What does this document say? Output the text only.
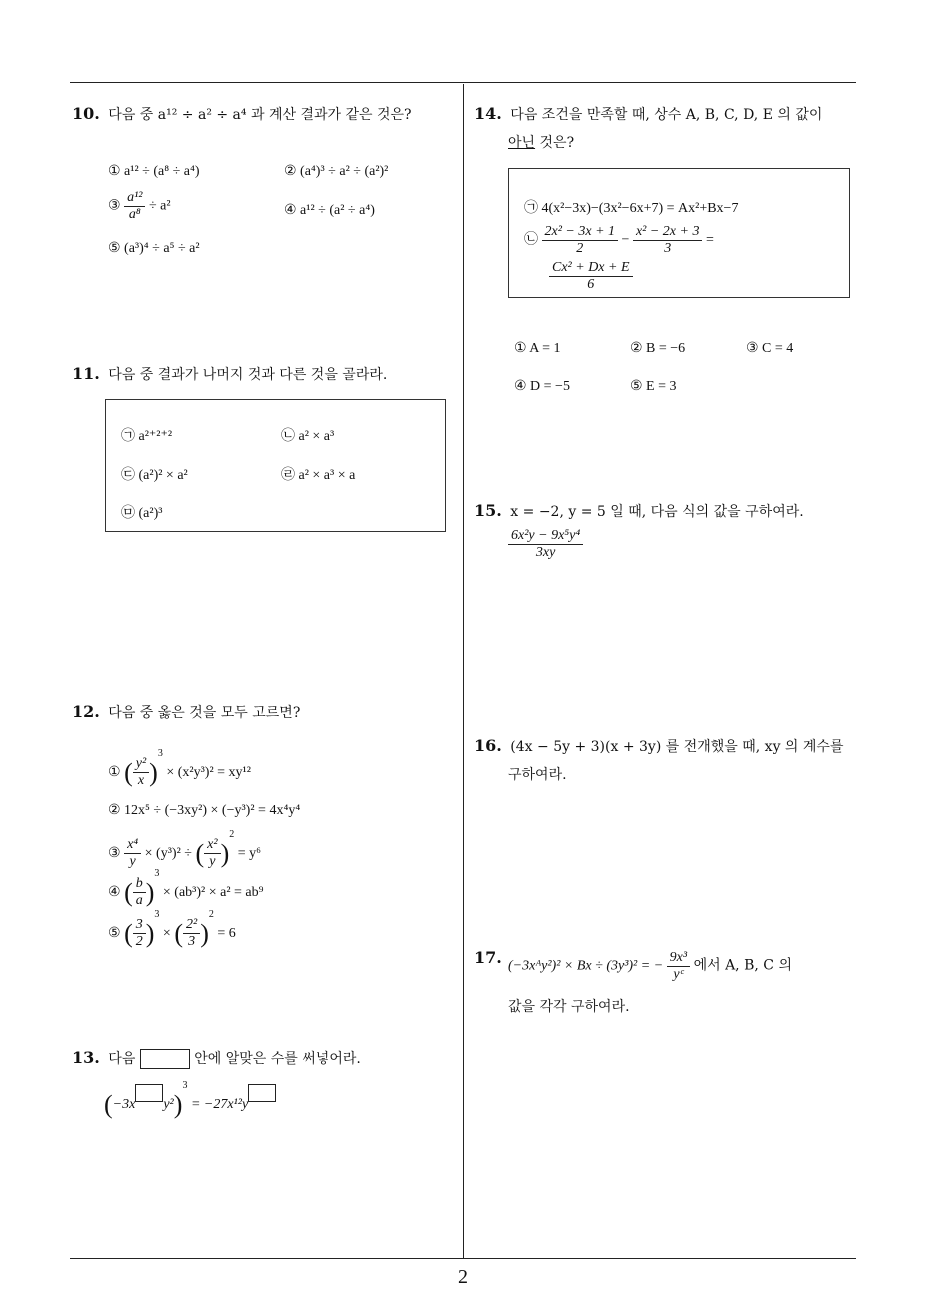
10. 다음 중 a¹² ÷ a² ÷ a⁴ 과 계산 결과가 같은 것은?
① a¹² ÷ (a⁸ ÷ a⁴)	② (a⁴)³ ÷ a² ÷ (a²)²
③ $\frac{\text{a¹²}}{\text{a⁸}} \div a^2$	④ a¹² ÷ (a² ÷ a⁴)
⑤ (a³)⁴ ÷ a⁵ ÷ a²
11. 다음 중 결과가 나머지 것과 다른 것을 골라라.
㉠ a²⁺²⁺²	㉡ a² × a³
㉢ (a²)² × a²	㉣ a² × a³ × a
㉤ (a²)³
12. 다음 중 옳은 것을 모두 고르면?
① ( $\frac{\text{y²}}{x} )^3 \times (x^2y^3)^2 = xy^{12}$
② 12x⁵ ÷ (−3xy²) × (−y³)² = 4x⁴y⁴
③ $\frac{\text{x⁴}}{y} \times (y^3)^2$ ÷ ( $\frac{\text{x²}}{y} )^2 = y^6$
④ ( $\frac{b}{a} )^3 \times (ab^3)^2 \times a^2 = ab^9$
⑤ ( $\frac{3}{2} )^3$ × ( $\frac{\text{2²}}{3} )^2 = 6$
13. 다음	안에 알맞은 수를 써넣어라.
(−3x y²)$^3$ = −27x¹²y
14. 다음 조건을 만족할 때, 상수 A, B, C, D, E 의 값이
아닌 것은?
㉠ 4(x²−3x)−(3x²−6x+7) = Ax²+Bx−7
㉡ $\frac{\text{2x² − 3x + 1}}{2} - \frac{\text{x² − 2x + 3}}{3}$ =
$\frac{\text{Cx² + Dx + E}}{6}$
① A = 1	② B = −6	③ C = 4
④ D = −5	⑤ E = 3
15. x = −2, y = 5 일 때, 다음 식의 값을 구하여라.
$\frac{\text{6x²y − 9x⁵y⁴}}{3xy}$
16. (4x − 5y + 3)(x + 3y) 를 전개했을 때, xy 의 계수를
구하여라.
17. (−3xᴬy²)² × Bx ÷ (3y³)² = − $\frac{\text{9x³}}{\text{yᶜ}}$ 에서 A, B, C 의
값을 각각 구하여라.
2
